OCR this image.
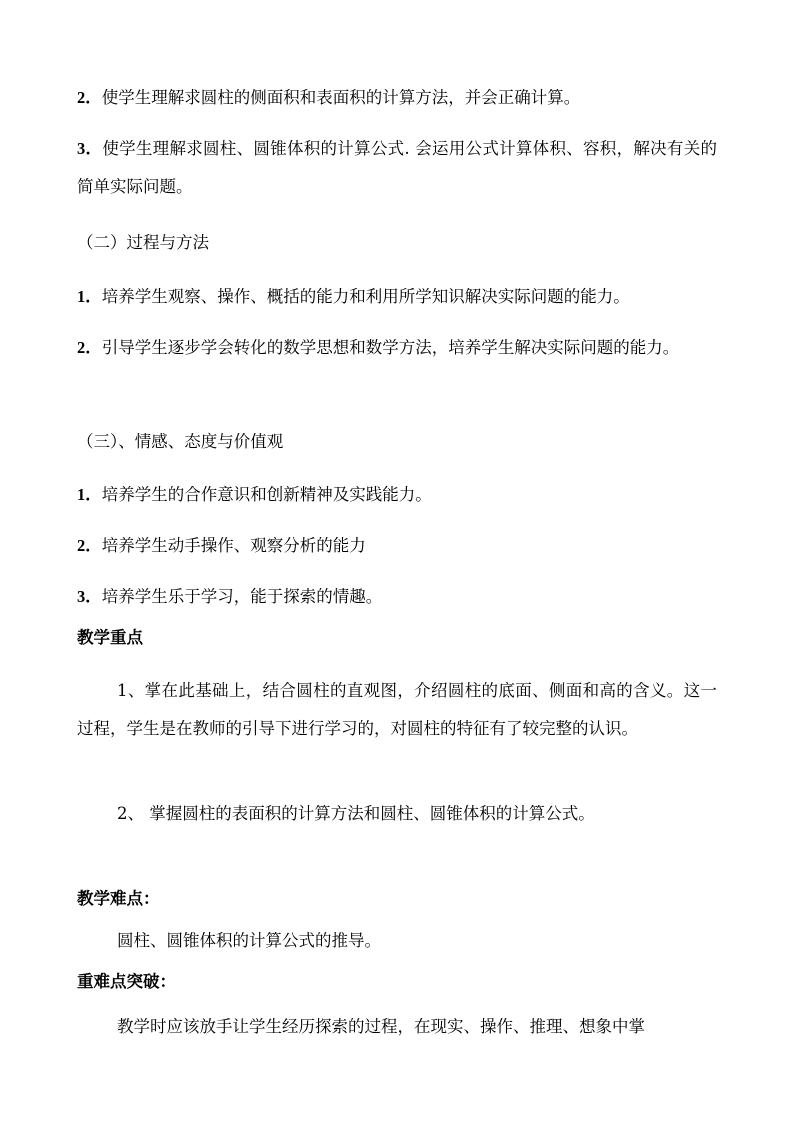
2．使学生理解求圆柱的侧面积和表面积的计算方法，并会正确计算。

3．使学生理解求圆柱、圆锥体积的计算公式. 会运用公式计算体积、容积，解决有关的简单实际问题。

（二）过程与方法

1．培养学生观察、操作、概括的能力和利用所学知识解决实际问题的能力。

2．引导学生逐步学会转化的数学思想和数学方法，培养学生解决实际问题的能力。

（三）、情感、态度与价值观

1．培养学生的合作意识和创新精神及实践能力。

2．培养学生动手操作、观察分析的能力

3．培养学生乐于学习，能于探索的情趣。

教学重点

1、掌在此基础上，结合圆柱的直观图，介绍圆柱的底面、侧面和高的含义。这一过程，学生是在教师的引导下进行学习的，对圆柱的特征有了较完整的认识。

2、 掌握圆柱的表面积的计算方法和圆柱、圆锥体积的计算公式。

教学难点：

圆柱、圆锥体积的计算公式的推导。

重难点突破：

教学时应该放手让学生经历探索的过程，在现实、操作、推理、想象中掌
